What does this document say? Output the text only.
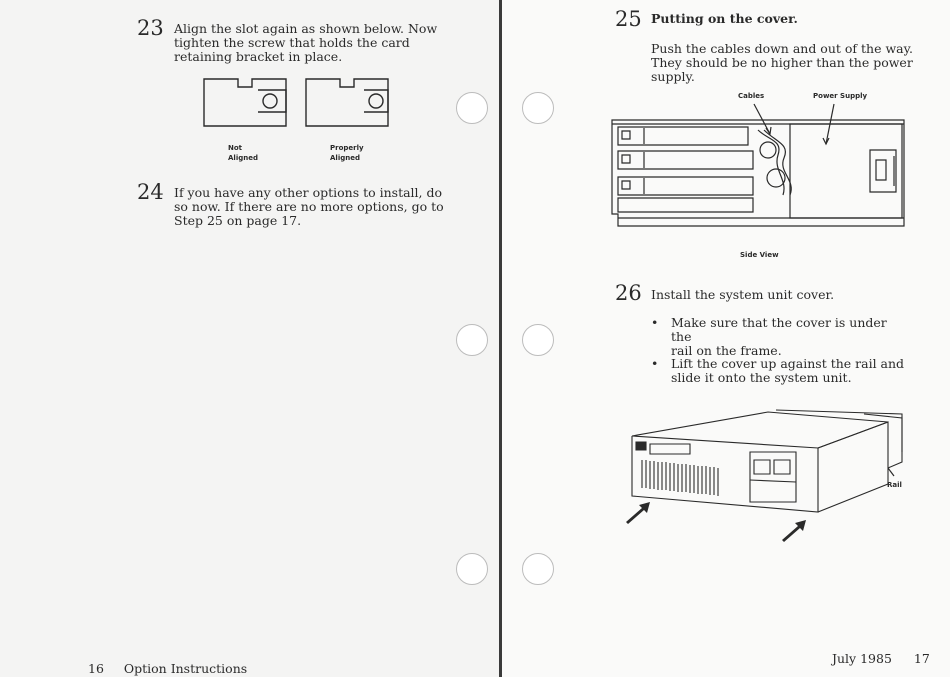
23 Align the slot again as shown below. Now
tighten the screw that holds the card
retaining bracket in place.
Not
Aligned
Properly
Aligned
24 If you have any other options to install, do
so now. If there are no more options, go to
Step 25 on page 17.
16 Option Instructions
25 Putting on the cover.
Push the cables down and out of the way.
They should be no higher than the power
supply.
Cables	Power Supply
Side View
26 Install the system unit cover.
• Make sure that the cover is under the
rail on the frame.
• Lift the cover up against the rail and
slide it onto the system unit.
Rail
July 1985 17
